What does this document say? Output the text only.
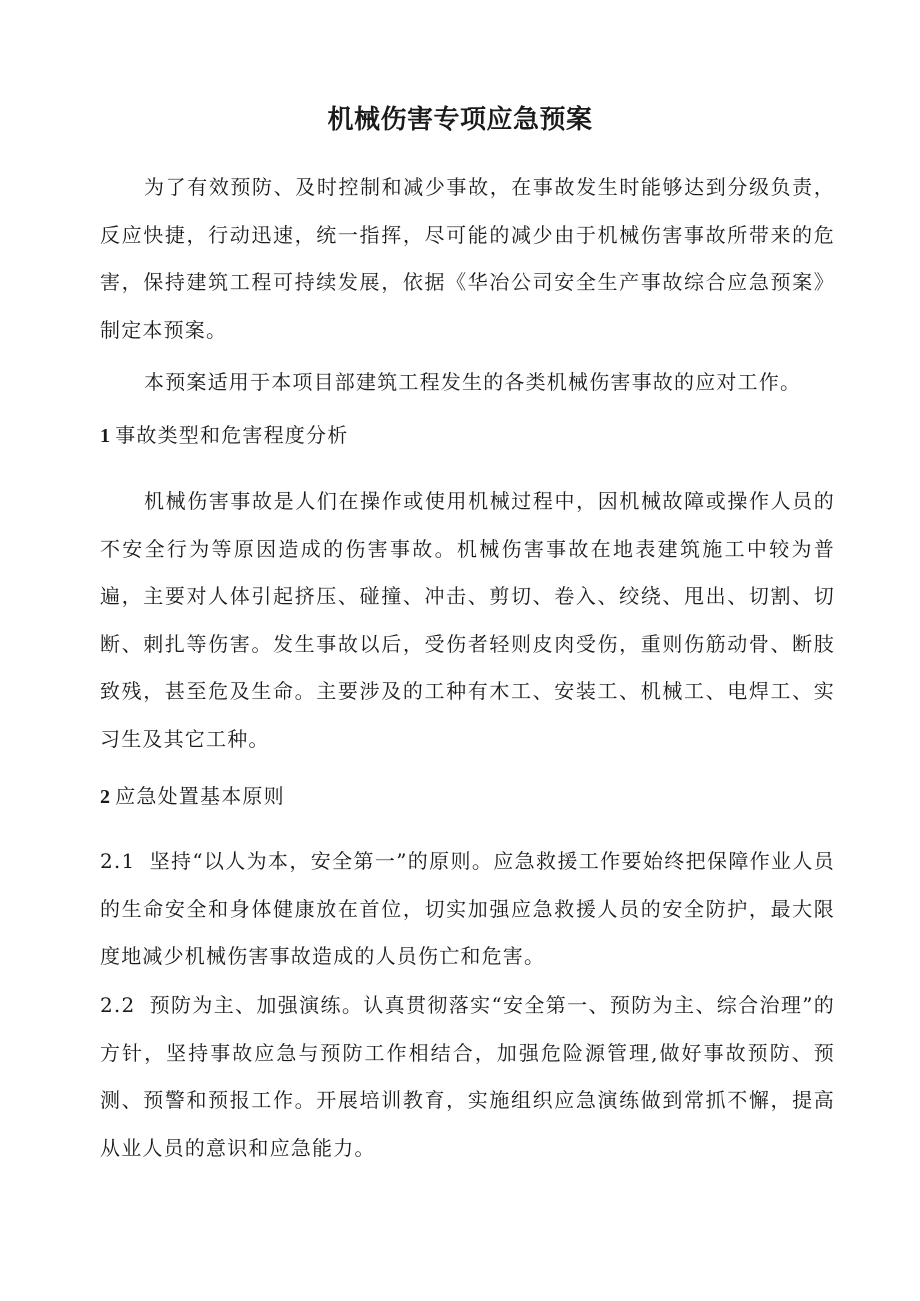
机械伤害专项应急预案

为了有效预防、及时控制和减少事故，在事故发生时能够达到分级负责，反应快捷，行动迅速，统一指挥，尽可能的减少由于机械伤害事故所带来的危害，保持建筑工程可持续发展，依据《华冶公司安全生产事故综合应急预案》制定本预案。

本预案适用于本项目部建筑工程发生的各类机械伤害事故的应对工作。

1 事故类型和危害程度分析

机械伤害事故是人们在操作或使用机械过程中，因机械故障或操作人员的不安全行为等原因造成的伤害事故。机械伤害事故在地表建筑施工中较为普遍，主要对人体引起挤压、碰撞、冲击、剪切、卷入、绞绕、甩出、切割、切断、刺扎等伤害。发生事故以后，受伤者轻则皮肉受伤，重则伤筋动骨、断肢致残，甚至危及生命。主要涉及的工种有木工、安装工、机械工、电焊工、实习生及其它工种。

2 应急处置基本原则

2.1 坚持“以人为本，安全第一”的原则。应急救援工作要始终把保障作业人员的生命安全和身体健康放在首位，切实加强应急救援人员的安全防护，最大限度地减少机械伤害事故造成的人员伤亡和危害。

2.2 预防为主、加强演练。认真贯彻落实“安全第一、预防为主、综合治理”的方针，坚持事故应急与预防工作相结合，加强危险源管理,做好事故预防、预测、预警和预报工作。开展培训教育，实施组织应急演练做到常抓不懈，提高从业人员的意识和应急能力。
